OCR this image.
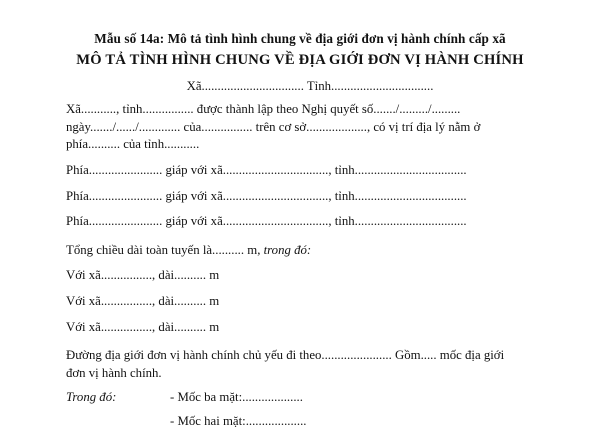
Mẫu số 14a: Mô tả tình hình chung về địa giới đơn vị hành chính cấp xã
MÔ TẢ TÌNH HÌNH CHUNG VỀ ĐỊA GIỚI ĐƠN VỊ HÀNH CHÍNH
Xã................................ Tỉnh................................
Xã..........., tỉnh................ được thành lập theo Nghị quyết số......./........./.........
ngày......./....../............. của................ trên cơ sở..................., có vị trí địa lý nằm ở
phía.......... của tỉnh...........
Phía....................... giáp với xã................................., tỉnh...................................
Phía....................... giáp với xã................................., tỉnh...................................
Phía....................... giáp với xã................................., tỉnh...................................
Tổng chiều dài toàn tuyến là.......... m, trong đó:
Với xã................, dài.......... m
Với xã................, dài.......... m
Với xã................, dài.......... m
Đường địa giới đơn vị hành chính chủ yếu đi theo...................... Gồm..... mốc địa giới
đơn vị hành chính.
Trong đó:	- Mốc ba mặt:...................
- Mốc hai mặt:...................
